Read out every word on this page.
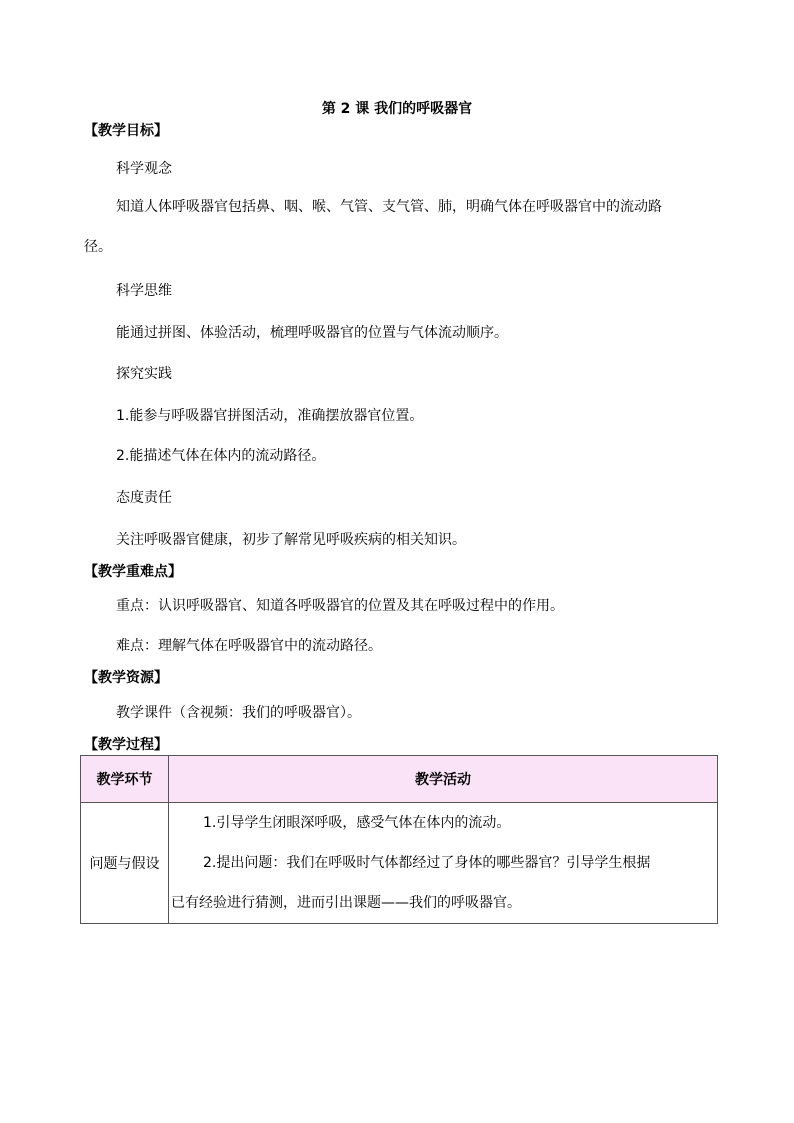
第 2 课 我们的呼吸器官
【教学目标】
科学观念
知道人体呼吸器官包括鼻、咽、喉、气管、支气管、肺，明确气体在呼吸器官中的流动路径。
科学思维
能通过拼图、体验活动，梳理呼吸器官的位置与气体流动顺序。
探究实践
1.能参与呼吸器官拼图活动，准确摆放器官位置。
2.能描述气体在体内的流动路径。
态度责任
关注呼吸器官健康，初步了解常见呼吸疾病的相关知识。
【教学重难点】
重点：认识呼吸器官、知道各呼吸器官的位置及其在呼吸过程中的作用。
难点：理解气体在呼吸器官中的流动路径。
【教学资源】
教学课件（含视频：我们的呼吸器官）。
【教学过程】
教学环节	教学活动
问题与假设	1.引导学生闭眼深呼吸，感受气体在体内的流动。
2.提出问题：我们在呼吸时气体都经过了身体的哪些器官？引导学生根据
已有经验进行猜测，进而引出课题——我们的呼吸器官。
